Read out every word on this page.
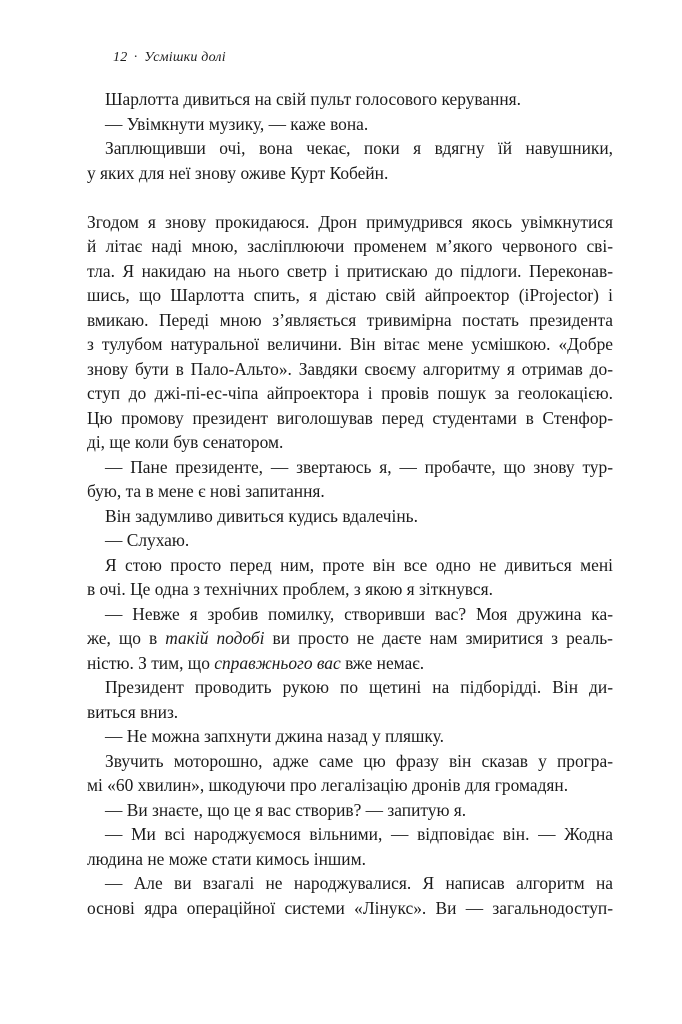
12 · Усмішки долі
Шарлотта дивиться на свій пульт голосового керування.
— Увімкнути музику, — каже вона.
Заплющивши очі, вона чекає, поки я вдягну їй навушники,
у яких для неї знову оживе Курт Кобейн.
Згодом я знову прокидаюся. Дрон примудрився якось увімкнутися
й літає наді мною, засліплюючи променем м’якого червоного сві-
тла. Я накидаю на нього светр і притискаю до підлоги. Переконав-
шись, що Шарлотта спить, я дістаю свій айпроектор (iProjector) і
вмикаю. Переді мною з’являється тривимірна постать президента
з тулубом натуральної величини. Він вітає мене усмішкою. «Добре
знову бути в Пало-Альто». Завдяки своєму алгоритму я отримав до-
ступ до джі-пі-ес-чіпа айпроектора і провів пошук за геолокацією.
Цю промову президент виголошував перед студентами в Стенфор-
ді, ще коли був сенатором.
— Пане президенте, — звертаюсь я, — пробачте, що знову тур-
бую, та в мене є нові запитання.
Він задумливо дивиться кудись вдалечінь.
— Слухаю.
Я стою просто перед ним, проте він все одно не дивиться мені
в очі. Це одна з технічних проблем, з якою я зіткнувся.
— Невже я зробив помилку, створивши вас? Моя дружина ка-
же, що в такій подобі ви просто не даєте нам змиритися з реаль-
ністю. З тим, що справжнього вас вже немає.
Президент проводить рукою по щетині на підборідді. Він ди-
виться вниз.
— Не можна запхнути джина назад у пляшку.
Звучить моторошно, адже саме цю фразу він сказав у програ-
мі «60 хвилин», шкодуючи про легалізацію дронів для громадян.
— Ви знаєте, що це я вас створив? — запитую я.
— Ми всі народжуємося вільними, — відповідає він. — Жодна
людина не може стати кимось іншим.
— Але ви взагалі не народжувалися. Я написав алгоритм на
основі ядра операційної системи «Лінукс». Ви — загальнодоступ-
